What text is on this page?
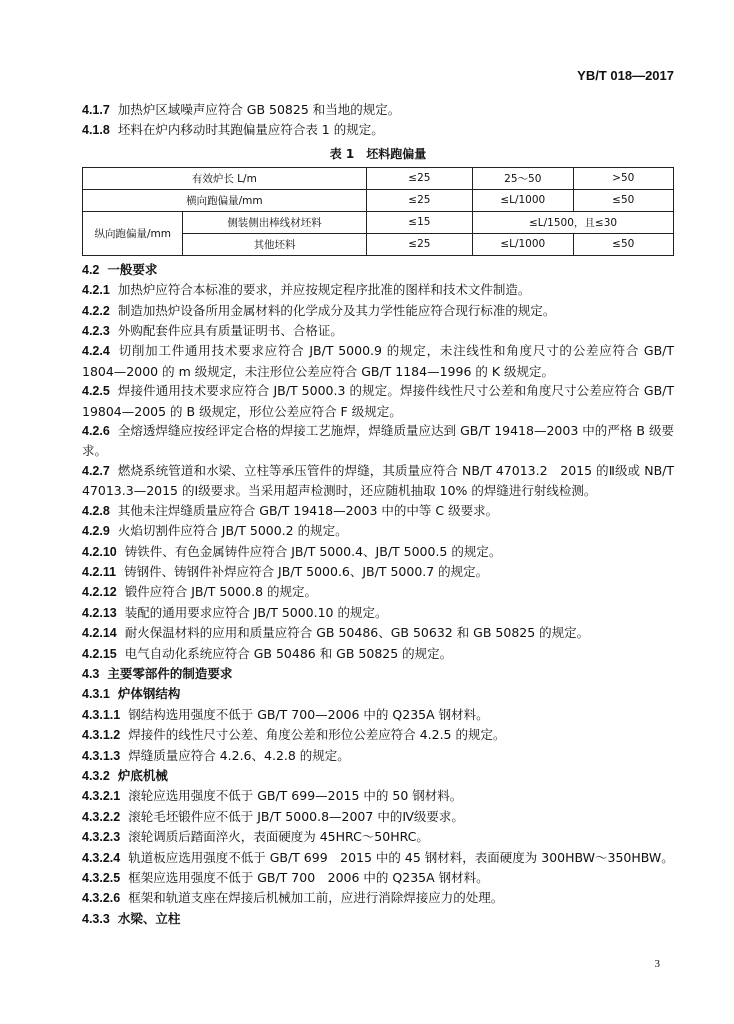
YB/T 018—2017
4.1.7 加热炉区域噪声应符合 GB 50825 和当地的规定。
4.1.8 坯料在炉内移动时其跑偏量应符合表 1 的规定。
表 1　坯料跑偏量
有效炉长 L/m		≤25	25～50	>50
横向跑偏量/mm		≤25	≤L/1000	≤50
纵向跑偏量/mm	侧装侧出棒线材坯料	≤15	≤L/1500，且≤30	
	其他坯料	≤25	≤L/1000	≤50
4.2 一般要求
4.2.1 加热炉应符合本标准的要求，并应按规定程序批准的图样和技术文件制造。
4.2.2 制造加热炉设备所用金属材料的化学成分及其力学性能应符合现行标准的规定。
4.2.3 外购配套件应具有质量证明书、合格证。
4.2.4 切削加工件通用技术要求应符合 JB/T 5000.9 的规定，未注线性和角度尺寸的公差应符合 GB/T 1804—2000 的 m 级规定，未注形位公差应符合 GB/T 1184—1996 的 K 级规定。
4.2.5 焊接件通用技术要求应符合 JB/T 5000.3 的规定。焊接件线性尺寸公差和角度尺寸公差应符合 GB/T 19804—2005 的 B 级规定，形位公差应符合 F 级规定。
4.2.6 全熔透焊缝应按经评定合格的焊接工艺施焊，焊缝质量应达到 GB/T 19418—2003 中的严格 B 级要求。
4.2.7 燃烧系统管道和水梁、立柱等承压管件的焊缝，其质量应符合 NB/T 47013.2　2015 的Ⅱ级或 NB/T 47013.3—2015 的Ⅰ级要求。当采用超声检测时，还应随机抽取 10% 的焊缝进行射线检测。
4.2.8 其他未注焊缝质量应符合 GB/T 19418—2003 中的中等 C 级要求。
4.2.9 火焰切割件应符合 JB/T 5000.2 的规定。
4.2.10 铸铁件、有色金属铸件应符合 JB/T 5000.4、JB/T 5000.5 的规定。
4.2.11 铸钢件、铸钢件补焊应符合 JB/T 5000.6、JB/T 5000.7 的规定。
4.2.12 锻件应符合 JB/T 5000.8 的规定。
4.2.13 装配的通用要求应符合 JB/T 5000.10 的规定。
4.2.14 耐火保温材料的应用和质量应符合 GB 50486、GB 50632 和 GB 50825 的规定。
4.2.15 电气自动化系统应符合 GB 50486 和 GB 50825 的规定。
4.3 主要零部件的制造要求
4.3.1 炉体钢结构
4.3.1.1 钢结构选用强度不低于 GB/T 700—2006 中的 Q235A 钢材料。
4.3.1.2 焊接件的线性尺寸公差、角度公差和形位公差应符合 4.2.5 的规定。
4.3.1.3 焊缝质量应符合 4.2.6、4.2.8 的规定。
4.3.2 炉底机械
4.3.2.1 滚轮应选用强度不低于 GB/T 699—2015 中的 50 钢材料。
4.3.2.2 滚轮毛坯锻件应不低于 JB/T 5000.8—2007 中的Ⅳ级要求。
4.3.2.3 滚轮调质后踏面淬火，表面硬度为 45HRC～50HRC。
4.3.2.4 轨道板应选用强度不低于 GB/T 699　2015 中的 45 钢材料，表面硬度为 300HBW～350HBW。
4.3.2.5 框架应选用强度不低于 GB/T 700　2006 中的 Q235A 钢材料。
4.3.2.6 框架和轨道支座在焊接后机械加工前，应进行消除焊接应力的处理。
4.3.3 水梁、立柱
3
